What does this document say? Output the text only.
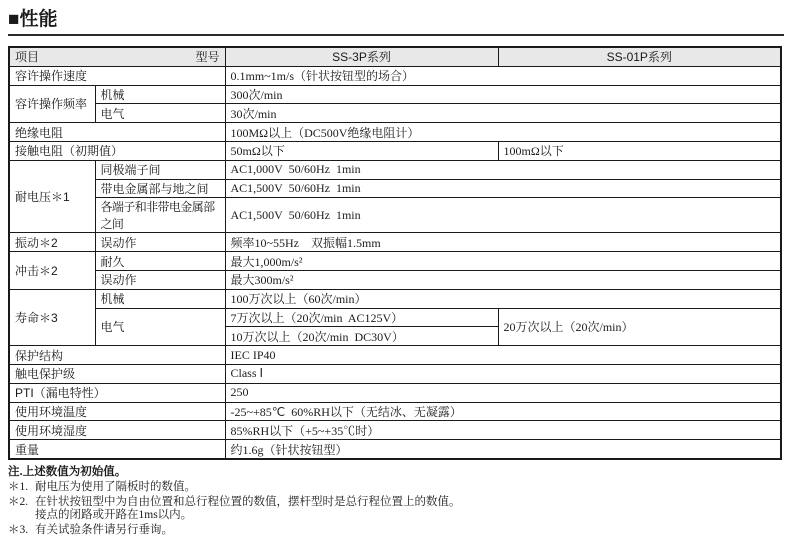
■性能
项目 型号		SS-3P系列	SS-01P系列
容许操作速度		0.1mm~1m/s（针状按钮型的场合）	
容许操作频率	机械	300次/min	
	电气	30次/min	
绝缘电阻		100MΩ以上（DC500V绝缘电阻计）	
接触电阻（初期值）		50mΩ以下	100mΩ以下
耐电压＊1	同极端子间	AC1,000V  50/60Hz  1min	
	带电金属部与地之间	AC1,500V  50/60Hz  1min	
	各端子和非带电金属部之间	AC1,500V  50/60Hz  1min	
振动＊2	误动作	频率10~55Hz　双振幅1.5mm	
冲击＊2	耐久	最大1,000m/s²	
	误动作	最大300m/s²	
寿命＊3	机械	100万次以上（60次/min）	
	电气	7万次以上（20次/min  AC125V）	20万次以上（20次/min）
		10万次以上（20次/min  DC30V）	
保护结构		IEC IP40	
触电保护级		Class Ⅰ	
PTI（漏电特性）		250	
使用环境温度		-25~+85℃  60%RH以下（无结冰、无凝露）	
使用环境湿度		85%RH以下（+5~+35℃时）	
重量		约1.6g（针状按钮型）	
注.上述数值为初始值。
＊1. 耐电压为使用了隔板时的数值。
＊2. 在针状按钮型中为自由位置和总行程位置的数值，摆杆型时是总行程位置上的数值。
接点的闭路或开路在1ms以内。
＊3. 有关试验条件请另行垂询。
